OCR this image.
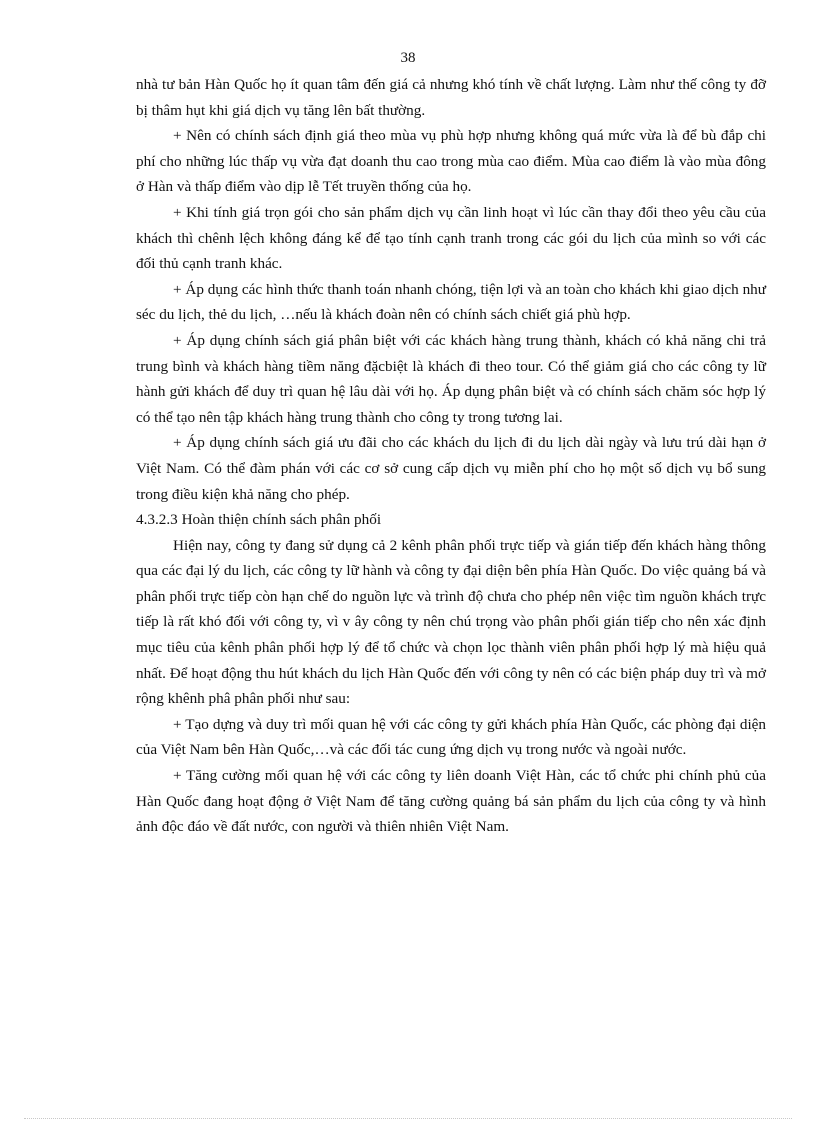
38

nhà tư bản Hàn Quốc họ ít quan tâm đến giá cả nhưng khó tính về chất lượng. Làm như thế công ty đỡ bị thâm hụt khi giá dịch vụ tăng lên bất thường.

+ Nên có chính sách định giá theo mùa vụ phù hợp nhưng không quá mức vừa là để bù đắp chi phí cho những lúc thấp vụ vừa đạt doanh thu cao trong mùa cao điểm. Mùa cao điểm là vào mùa đông ở Hàn và thấp điểm vào dịp lễ Tết truyền thống của họ.

+ Khi tính giá trọn gói cho sản phẩm dịch vụ cần linh hoạt vì lúc cần thay đổi theo yêu cầu của khách thì chênh lệch không đáng kể để tạo tính cạnh tranh trong các gói du lịch của mình so với các đối thủ cạnh tranh khác.

+ Áp dụng các hình thức thanh toán nhanh chóng, tiện lợi và an toàn cho khách khi giao dịch như séc du lịch, thẻ du lịch, …nếu là khách đoàn nên có chính sách chiết giá phù hợp.

+ Áp dụng chính sách giá phân biệt với các khách hàng trung thành, khách có khả năng chi trả trung bình và khách hàng tiềm năng đặcbiệt là khách đi theo tour. Có thể giảm giá cho các công ty lữ hành gửi khách để duy trì quan hệ lâu dài với họ. Áp dụng phân biệt và có chính sách chăm sóc hợp lý có thể tạo nên tập khách hàng trung thành cho công ty trong tương lai.

+ Áp dụng chính sách giá ưu đãi cho các khách du lịch đi du lịch dài ngày và lưu trú dài hạn ở Việt Nam. Có thể đàm phán với các cơ sở cung cấp dịch vụ miễn phí cho họ một số dịch vụ bổ sung trong điều kiện khả năng cho phép.

4.3.2.3 Hoàn thiện chính sách phân phối

Hiện nay, công ty đang sử dụng cả 2 kênh phân phối trực tiếp và gián tiếp đến khách hàng thông qua các đại lý du lịch, các công ty lữ hành và công ty đại diện bên phía Hàn Quốc. Do việc quảng bá và phân phối trực tiếp còn hạn chế do nguồn lực và trình độ chưa cho phép nên việc tìm nguồn khách trực tiếp là rất khó đối với công ty, vì v ây công ty nên chú trọng vào phân phối gián tiếp cho nên xác định mục tiêu của kênh phân phối hợp lý để tổ chức và chọn lọc thành viên phân phối hợp lý mà hiệu quả nhất. Để hoạt động thu hút khách du lịch Hàn Quốc đến với công ty nên có các biện pháp duy trì và mở rộng khênh phâ phân phối như sau:

+ Tạo dựng và duy trì mối quan hệ với các công ty gửi khách phía Hàn Quốc, các phòng đại diện của Việt Nam bên Hàn Quốc,…và các đối tác cung ứng dịch vụ trong nước và ngoài nước.

+ Tăng cường mối quan hệ với các công ty liên doanh Việt Hàn, các tổ chức phi chính phủ của Hàn Quốc đang hoạt động ở Việt Nam để tăng cường quảng bá sản phẩm du lịch của công ty và hình ảnh độc đáo về đất nước, con người và thiên nhiên Việt Nam.
